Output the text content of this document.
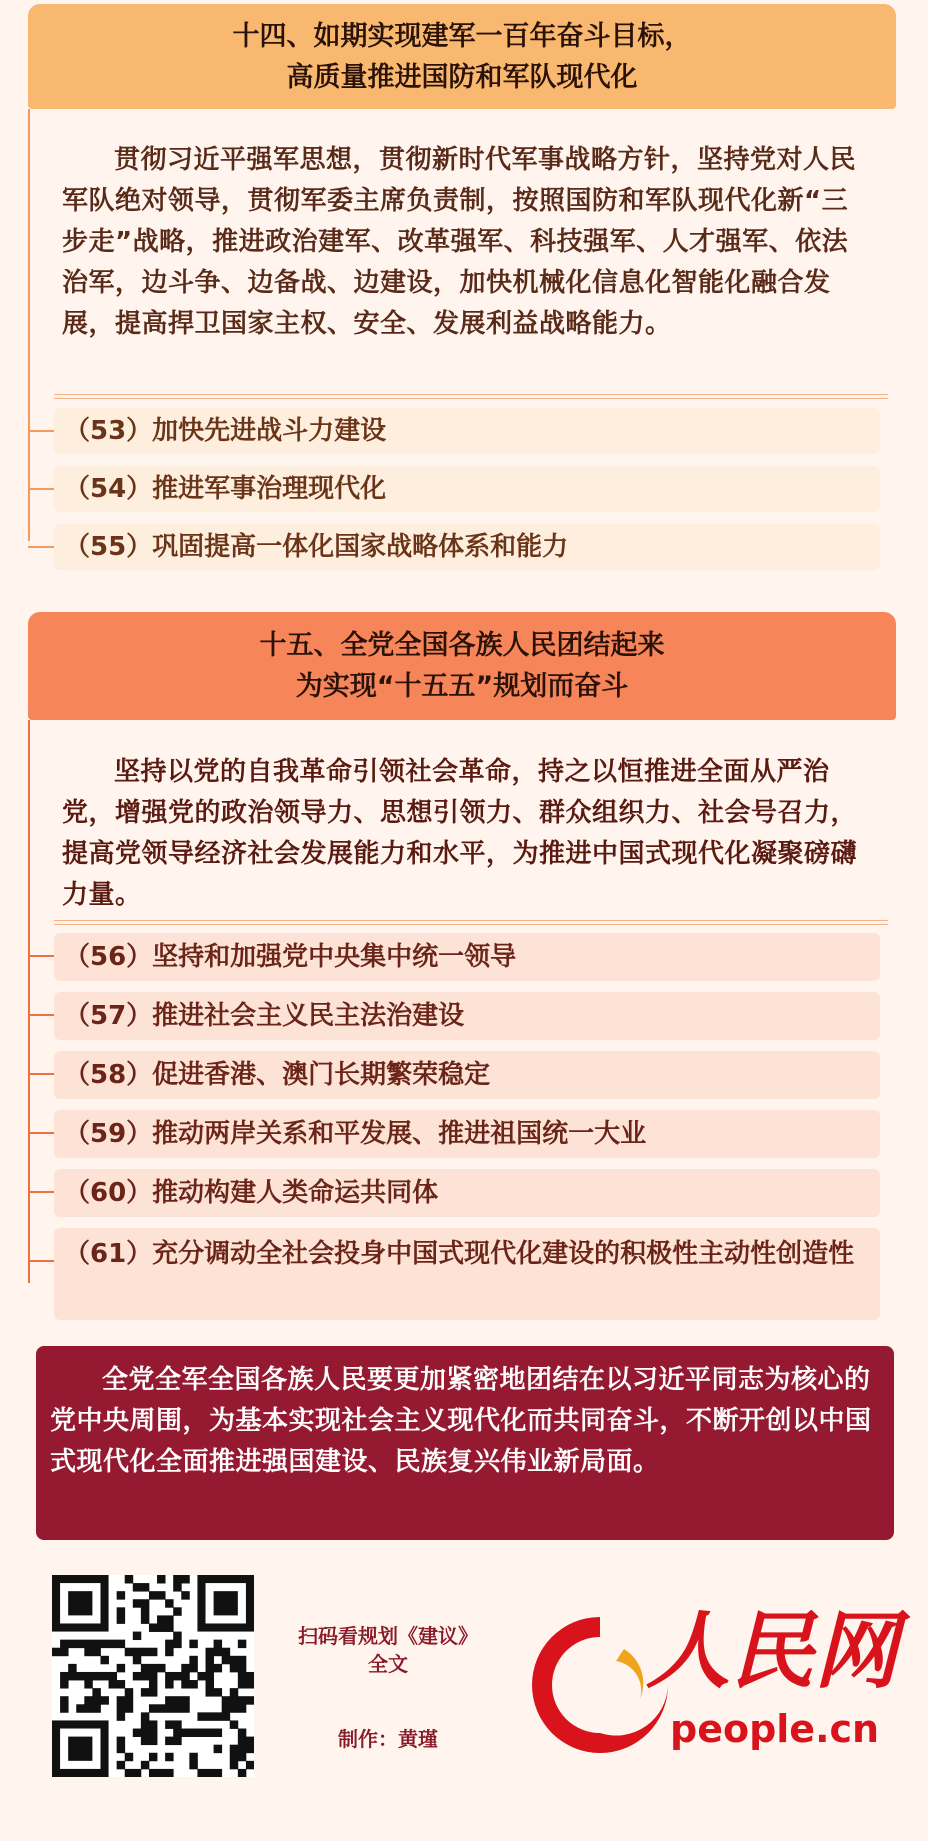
十四、如期实现建军一百年奋斗目标，
高质量推进国防和军队现代化
贯彻习近平强军思想，贯彻新时代军事战略方针，坚持党对人民军队绝对领导，贯彻军委主席负责制，按照国防和军队现代化新“三步走”战略，推进政治建军、改革强军、科技强军、人才强军、依法治军，边斗争、边备战、边建设，加快机械化信息化智能化融合发展，提高捍卫国家主权、安全、发展利益战略能力。
（53）加快先进战斗力建设
（54）推进军事治理现代化
（55）巩固提高一体化国家战略体系和能力
十五、全党全国各族人民团结起来
为实现“十五五”规划而奋斗
坚持以党的自我革命引领社会革命，持之以恒推进全面从严治党，增强党的政治领导力、思想引领力、群众组织力、社会号召力，提高党领导经济社会发展能力和水平，为推进中国式现代化凝聚磅礴力量。
（56）坚持和加强党中央集中统一领导
（57）推进社会主义民主法治建设
（58）促进香港、澳门长期繁荣稳定
（59）推动两岸关系和平发展、推进祖国统一大业
（60）推动构建人类命运共同体
（61）充分调动全社会投身中国式现代化建设的积极性主动性创造性
全党全军全国各族人民要更加紧密地团结在以习近平同志为核心的党中央周围，为基本实现社会主义现代化而共同奋斗，不断开创以中国式现代化全面推进强国建设、民族复兴伟业新局面。
扫码看规划《建议》
全文
制作：黄瑾
人民网
people.cn
